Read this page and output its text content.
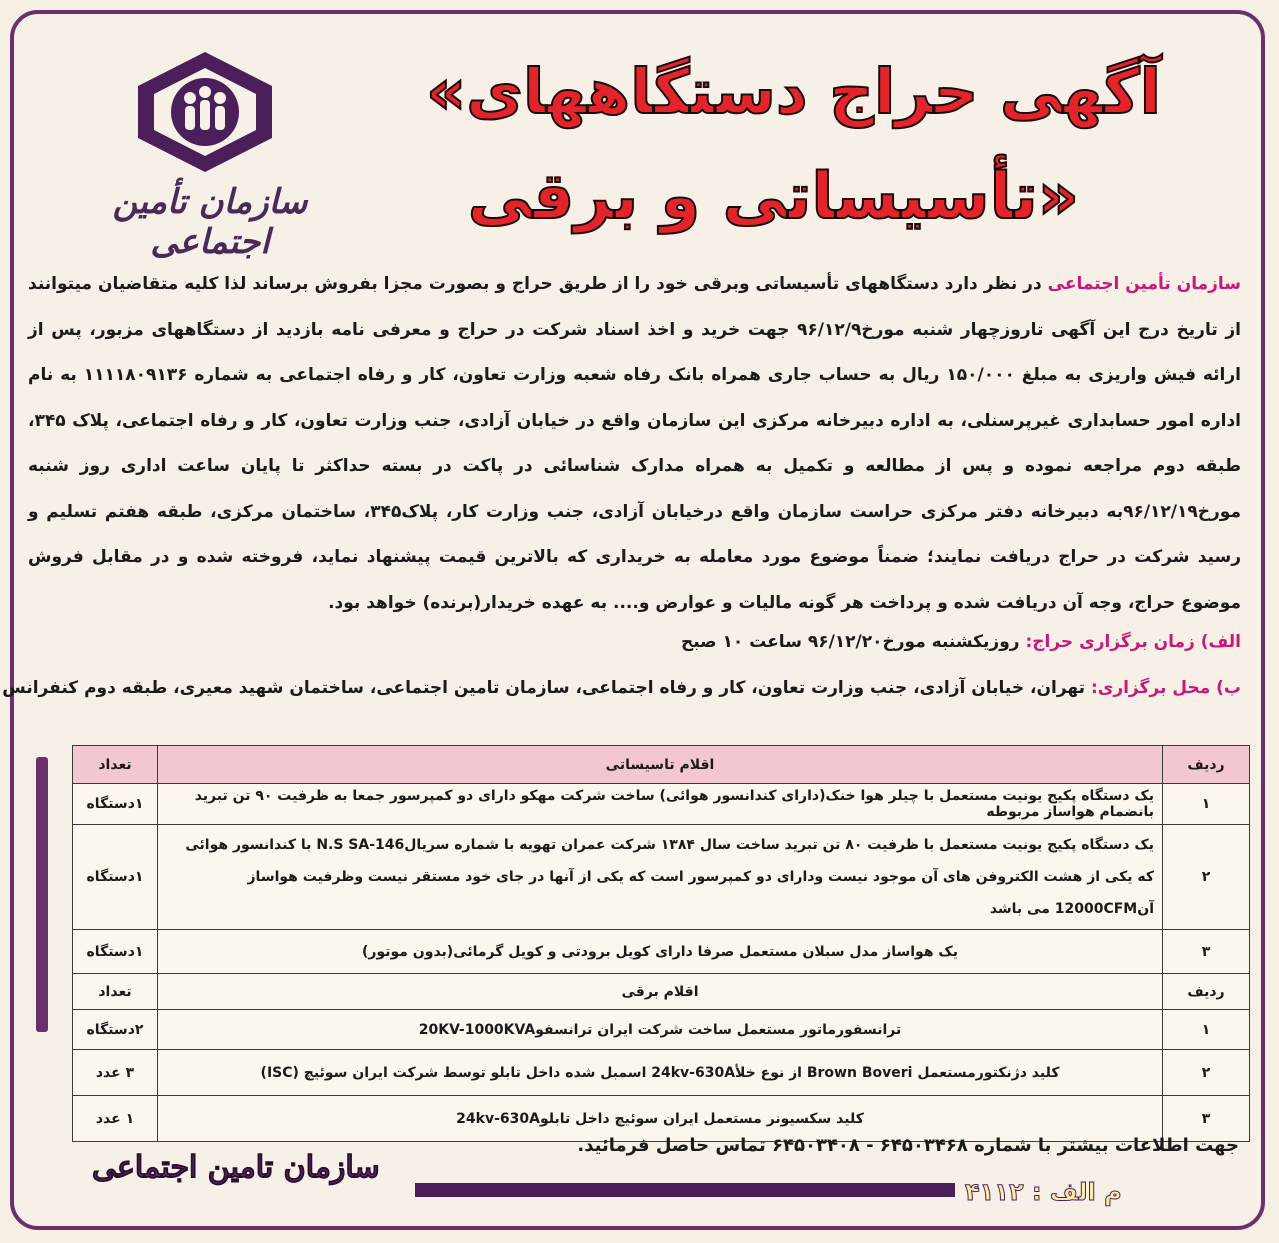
سازمان تأمین اجتماعی
«آگهی حراج دستگاههای
تأسیساتی و برقی»
سازمان تأمین اجتماعی در نظر دارد دستگاههای تأسیساتی وبرقی خود را از طریق حراج و بصورت مجزا بفروش برساند لذا کلیه متقاضیان میتوانند از تاریخ درج این آگهی تاروزچهار شنبه مورخ۹۶/۱۲/۹ جهت خرید و اخذ اسناد شرکت در حراج و معرفی نامه بازدید از دستگاههای مزبور، پس از ارائه فیش واریزی به مبلغ ۱۵۰/۰۰۰ ریال به حساب جاری همراه بانک رفاه شعبه وزارت تعاون، کار و رفاه اجتماعی به شماره ۱۱۱۱۸۰۹۱۳۶ به نام اداره امور حسابداری غیرپرسنلی، به اداره دبیرخانه مرکزی این سازمان واقع در خیابان آزادی، جنب وزارت تعاون، کار و رفاه اجتماعی، پلاک ۳۴۵، طبقه دوم مراجعه نموده و پس از مطالعه و تکمیل به همراه مدارک شناسائی در پاکت در بسته حداکثر تا پایان ساعت اداری روز شنبه مورخ۹۶/۱۲/۱۹به دبیرخانه دفتر مرکزی حراست سازمان واقع درخیابان آزادی، جنب وزارت کار، پلاک۳۴۵، ساختمان مرکزی، طبقه هفتم تسلیم و رسید شرکت در حراج دریافت نمایند؛ ضمناً موضوع مورد معامله به خریداری که بالاترین قیمت پیشنهاد نماید، فروخته شده و در مقابل فروش موضوع حراج، وجه آن دریافت شده و پرداخت هر گونه مالیات و عوارض و.... به عهده خریدار(برنده) خواهد بود.
الف) زمان برگزاری حراج: روزیکشنبه مورخ۹۶/۱۲/۲۰ ساعت ۱۰ صبح
ب) محل برگزاری: تهران، خیابان آزادی، جنب وزارت تعاون، کار و رفاه اجتماعی، سازمان تامین اجتماعی، ساختمان شهید معیری، طبقه دوم کنفرانس
ردیف	اقلام تاسیساتی	تعداد
۱	یک دستگاه پکیج یونیت مستعمل با چیلر هوا خنک(دارای کندانسور هوائی) ساخت شرکت مهکو دارای دو کمپرسور جمعا به ظرفیت ۹۰ تن تبرید بانضمام هواساز مربوطه	۱دستگاه
۲	یک دستگاه پکیج یونیت مستعمل با ظرفیت ۸۰ تن تبرید ساخت سال ۱۳۸۴ شرکت عمران تهویه با شماره سریالN.S SA-146 با کندانسور هوائی که یکی از هشت الکتروفن های آن موجود نیست ودارای دو کمپرسور است که یکی از آنها در جای خود مستقر نیست وظرفیت هواساز آن12000CFM می باشد	۱دستگاه
۳	یک هواساز مدل سبلان مستعمل صرفا دارای کویل برودتی و کویل گرمائی(بدون موتور)	۱دستگاه
ردیف	اقلام برقی	تعداد
۱	ترانسفورماتور مستعمل ساخت شرکت ایران ترانسفو20KV-1000KVA	۲دستگاه
۲	کلید دژنکتورمستعمل Brown Boveri از نوع خلأ24kv-630A اسمبل شده داخل تابلو توسط شرکت ایران سوئیچ (ISC)	۳ عدد
۳	کلید سکسیونر مستعمل ایران سوئیچ داخل تابلو24kv-630A	۱ عدد
جهت اطلاعات بیشتر با شماره ۶۴۵۰۳۴۶۸ - ۶۴۵۰۳۴۰۸ تماس حاصل فرمائید.
سازمان تامین اجتماعی
م الف : ۴۱۱۲
